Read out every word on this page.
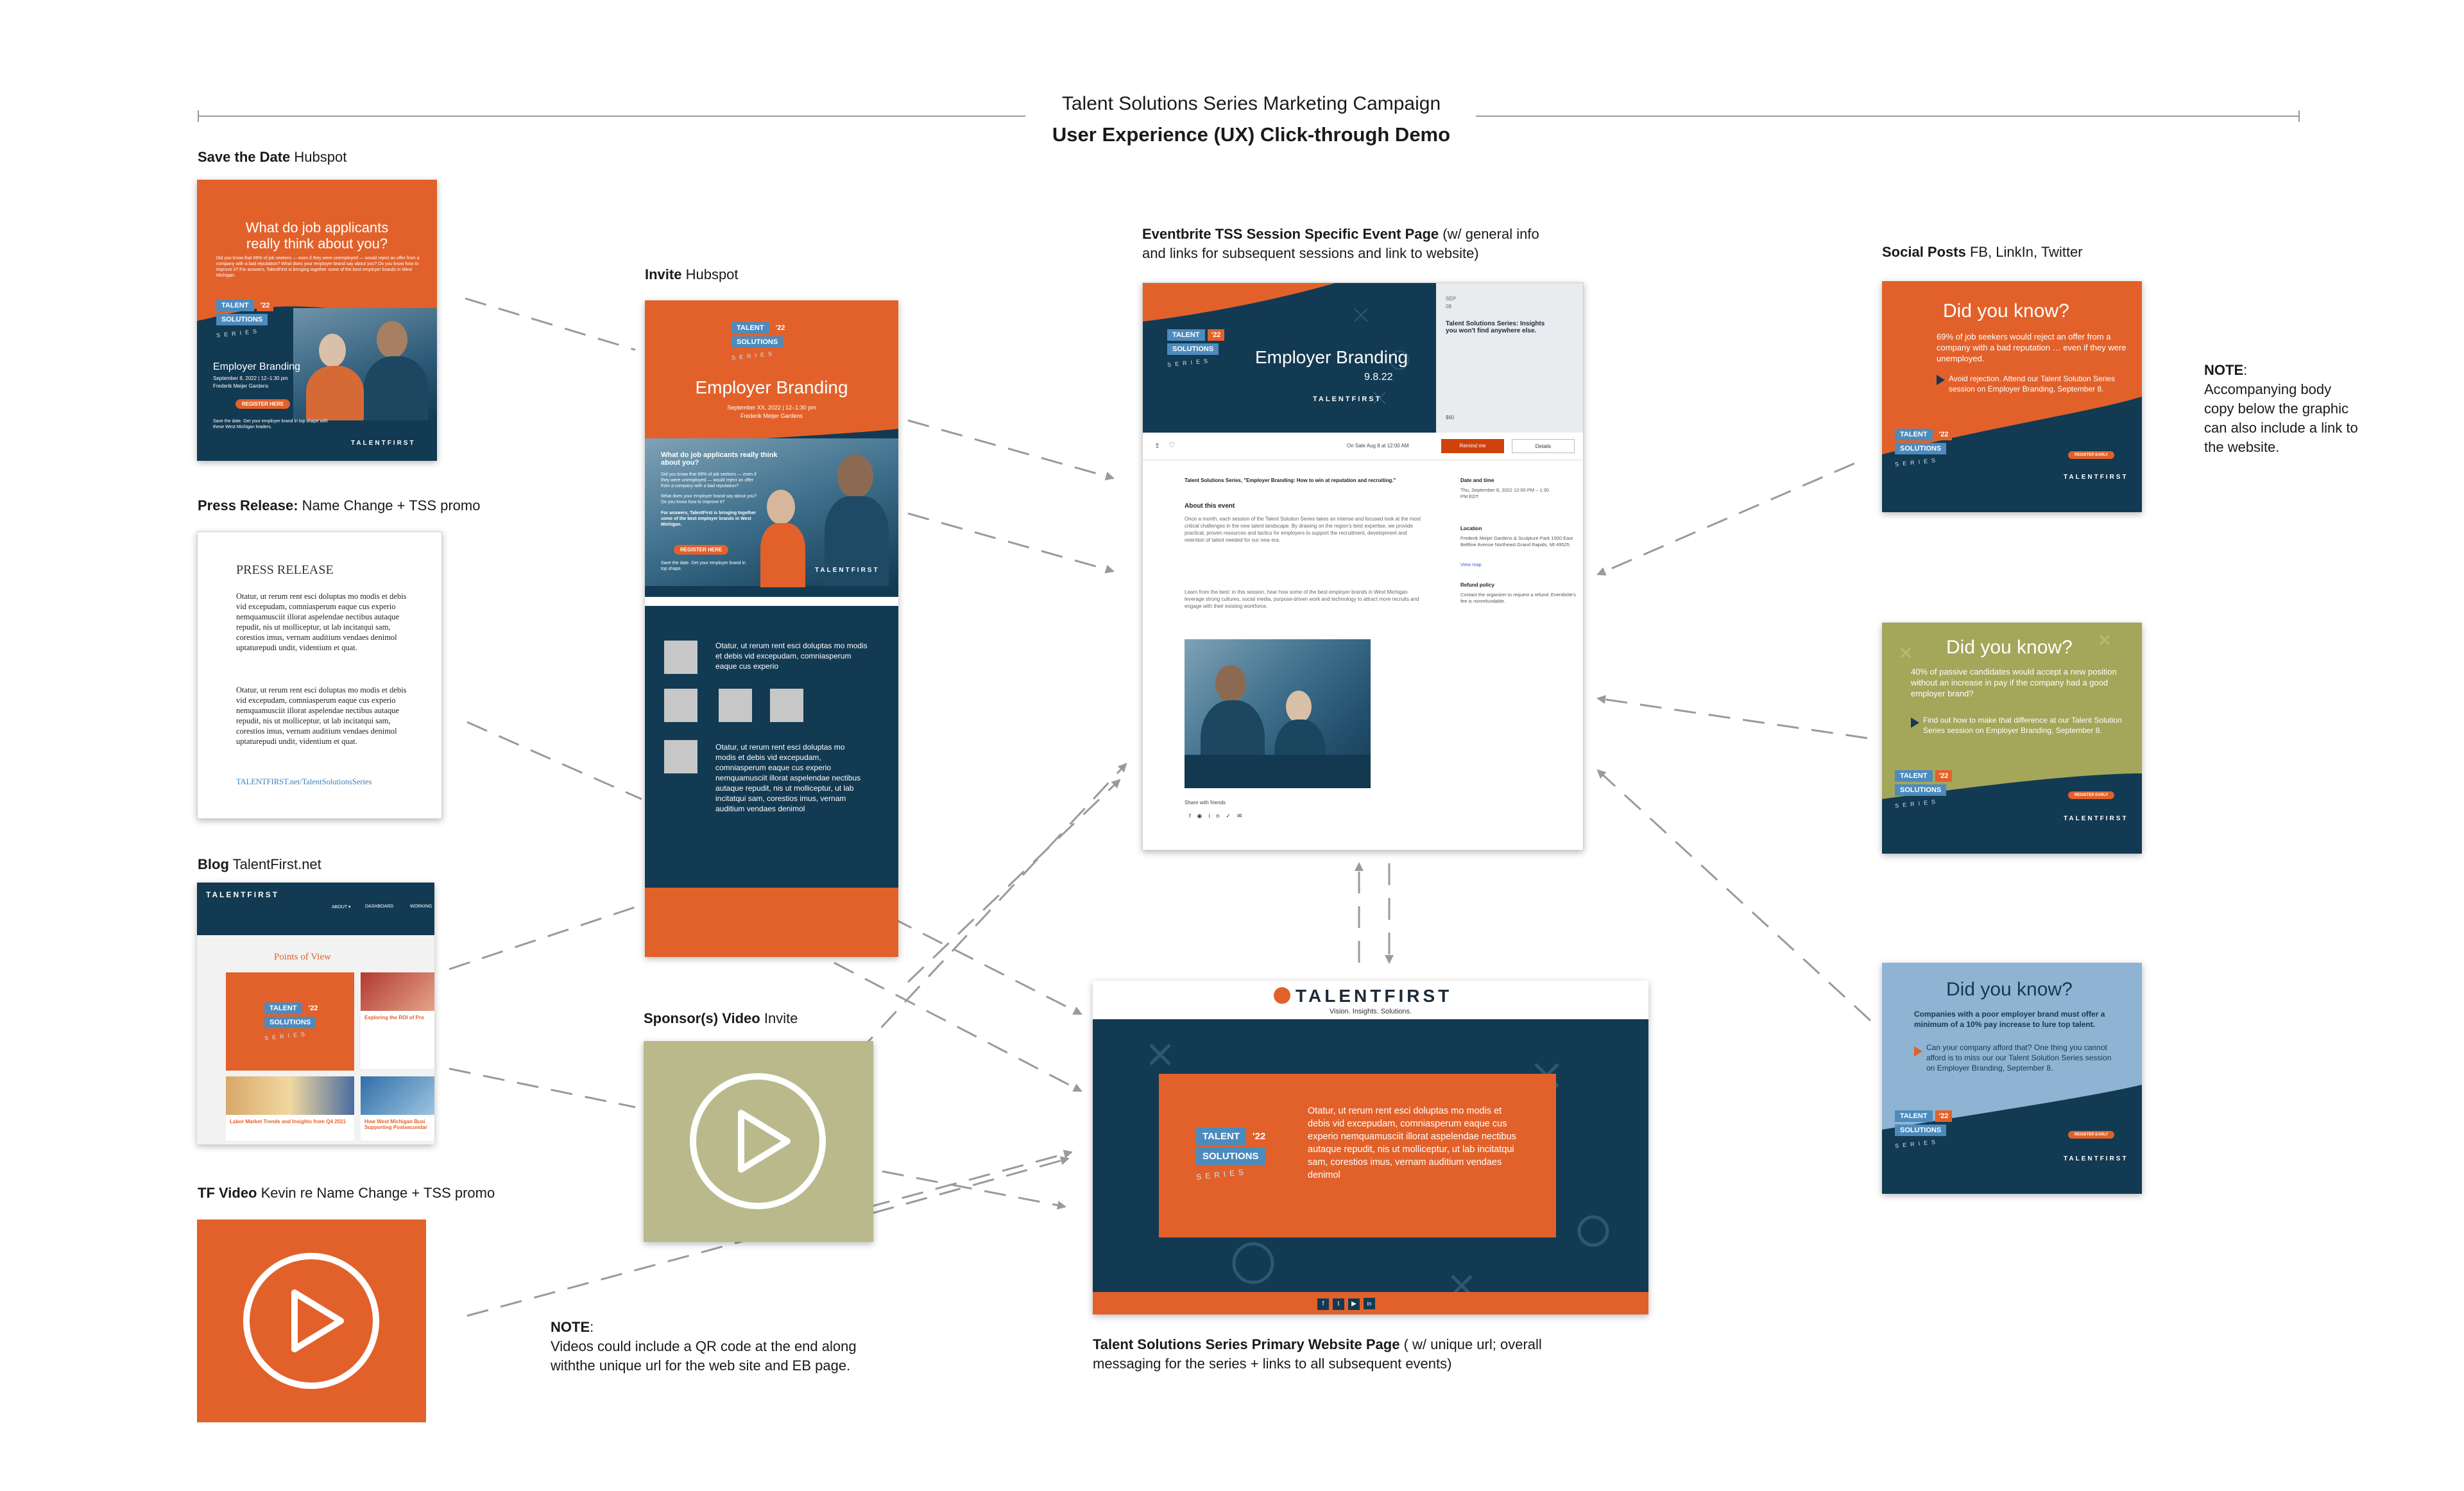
Talent Solutions Series Marketing Campaign
User Experience (UX) Click-through Demo
Save the Date Hubspot
Press Release: Name Change + TSS promo
Blog TalentFirst.net
TF Video Kevin re Name Change + TSS promo
Invite Hubspot
Sponsor(s) Video Invite
Eventbrite TSS Session Specific Event Page (w/ general info and links for subsequent sessions and link to website)	Social Posts FB, LinkIn, Twitter
Talent Solutions Series Primary Website Page ( w/ unique url; overall messaging for the series + links to all subsequent events)
NOTE:
Accompanying body copy below the graphic can also include a link to the website.
NOTE:
Videos could include a QR code at the end along withthe unique url for the web site and EB page.
What do job applicants
really think about you?
Did you know that 69% of job seekers — even if they were unemployed — would reject an offer from a company with a bad reputation? What does your employer brand say about you? Do you know how to improve it? For answers, TalentFirst is bringing together some of the best employer brands in West Michigan.
TALENT '22
SOLUTIONS
SERIES
Employer Branding
September 8, 2022 | 12–1:30 pm
Frederik Meijer Gardens
REGISTER HERE
Save the date. Get your employer brand in top shape with these West Michigan leaders.
TALENTFIRST
PRESS RELEASE
Otatur, ut rerum rent esci doluptas mo modis et debis vid excepudam, comniasperum eaque cus experio nemquamusciit illorat aspelendae nectibus autaque repudit, nis ut molliceptur, ut lab incitatqui sam, corestios imus, vernam auditium vendaes denimol uptaturepudi undit, videntium et quat.
Otatur, ut rerum rent esci doluptas mo modis et debis vid excepudam, comniasperum eaque cus experio nemquamusciit illorat aspelendae nectibus autaque repudit, nis ut molliceptur, ut lab incitatqui sam, corestios imus, vernam auditium vendaes denimol uptaturepudi undit, videntium et quat.
TALENTFIRST.net/TalentSolutionsSeries
TALENTFIRST
ABOUT ▾	DASHBOARD	WORKING
Points of View
TALENT '22
SOLUTIONS
SERIES
Exploring the ROI of Pro
Labor Market Trends and Insights from Q4 2021	How West Michigan Busi Supporting Postsecondar
TALENT '22
SOLUTIONS
SERIES
Employer Branding
September XX, 2022 | 12–1:30 pm
Frederik Meijer Gardens
What do job applicants really think about you?
Did you know that 69% of job seekers — even if they were unemployed — would reject an offer from a company with a bad reputation?
What does your employer brand say about you? Do you know how to improve it?
For answers, TalentFirst is bringing together some of the best employer brands in West Michigan.
REGISTER HERE
Save the date. Get your employer brand in top shape.	TALENTFIRST
Otatur, ut rerum rent esci doluptas mo modis et debis vid excepudam, comniasperum eaque cus experio
Otatur, ut rerum rent esci doluptas mo modis et debis vid excepudam, comniasperum eaque cus experio nemquamusciit illorat aspelendae nectibus autaque repudit, nis ut molliceptur, ut lab incitatqui sam, corestios imus, vernam auditium vendaes denimol
TALENT '22
SOLUTIONS
SERIES	Employer Branding
9.8.22
TALENTFIRST
SEP
08
Talent Solutions Series: Insights you won't find anywhere else.
$60
⇪ ♡	On Sale Aug 8 at 12:00 AM	Remind me	Details
Talent Solutions Series, "Employer Branding: How to win at reputation and recruiting."
About this event
Once a month, each session of the Talent Solution Series takes an intense and focused look at the most critical challenges in the new talent landscape. By drawing on the region's best expertise, we provide practical, proven resources and tactics for employers to support the recruitment, development and retention of talent needed for our new era.
Learn from the best: in this session, hear how some of the best employer brands in West Michigan leverage strong cultures, social media, purpose-driven work and technology to attract more recruits and engage with their existing workforce.
Share with friends
f◉in✓✉
Date and time
Thu, September 8, 2022 12:00 PM – 1:30 PM EDT
Location
Frederik Meijer Gardens & Sculpture Park 1000 East Beltline Avenue Northeast Grand Rapids, MI 49525
View map
Refund policy
Contact the organizer to request a refund. Eventbrite's fee is nonrefundable.
TALENTFIRST
Vision. Insights. Solutions.
TALENT '22
SOLUTIONS
SERIES
Otatur, ut rerum rent esci doluptas mo modis et debis vid excepudam, comniasperum eaque cus experio nemquamusciit illorat aspelendae nectibus autaque repudit, nis ut molliceptur, ut lab incitatqui sam, corestios imus, vernam auditium vendaes denimol
f t ▶ in
Did you know?
69% of job seekers would reject an offer from a company with a bad reputation … even if they were unemployed.
Avoid rejection. Attend our Talent Solution Series session on Employer Branding, September 8.
TALENT '22
SOLUTIONS
SERIES
REGISTER EARLY
TALENTFIRST
Did you know?
40% of passive candidates would accept a new position without an increase in pay if the company had a good employer brand?
Find out how to make that difference at our Talent Solution Series session on Employer Branding, September 8.
TALENT '22
SOLUTIONS
SERIES
REGISTER EARLY
TALENTFIRST
Did you know?
Companies with a poor employer brand must offer a minimum of a 10% pay increase to lure top talent.
Can your company afford that? One thing you cannot afford is to miss our our Talent Solution Series session on Employer Branding, September 8.
TALENT '22
SOLUTIONS
SERIES
REGISTER EARLY
TALENTFIRST
